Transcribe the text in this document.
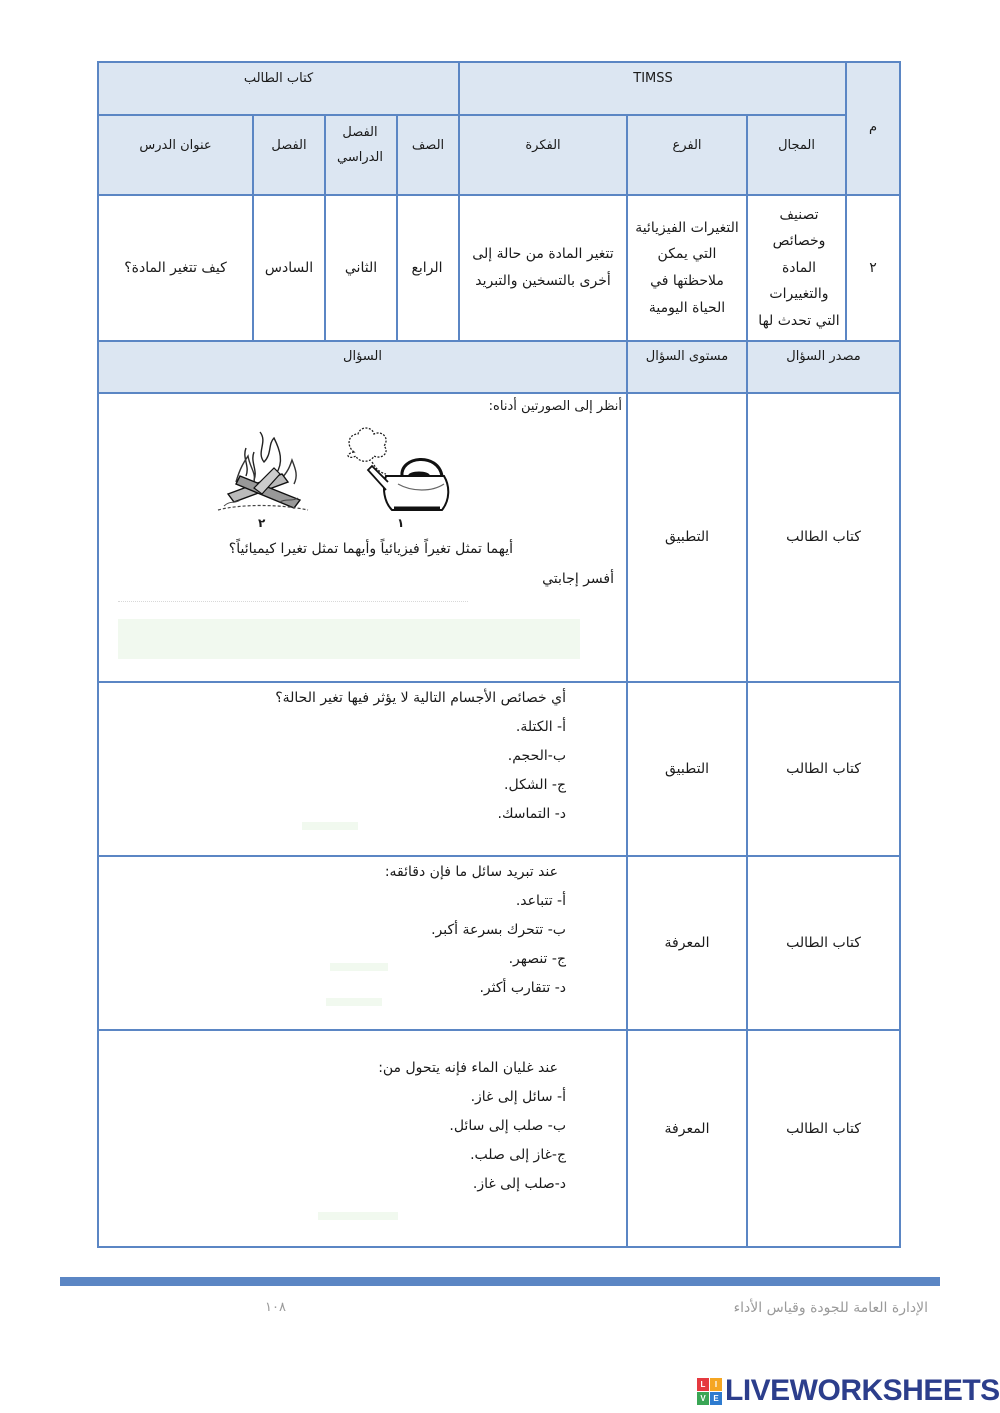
م
TIMSS
كتاب الطالب
المجال
الفرع
الفكرة
الصف
الفصل الدراسي
الفصل
عنوان الدرس
٢
تصنيف وخصائص المادة والتغييرات التي تحدث لها
التغيرات الفيزيائية التي يمكن ملاحظتها في الحياة اليومية
تتغير المادة من حالة إلى أخرى بالتسخين والتبريد
الرابع
الثاني
السادس
كيف تتغير المادة؟
مصدر السؤال
مستوى السؤال
السؤال
كتاب الطالب
التطبيق
أنظر إلى الصورتين أدناه:
١
٢
أيهما تمثل تغيراً فيزيائياً وأيهما تمثل تغيرا كيميائياً؟
أفسر إجابتي
كتاب الطالب
التطبيق
أي خصائص الأجسام التالية لا يؤثر فيها تغير الحالة؟
أ- الكتلة.
ب-الحجم.
ج- الشكل.
د- التماسك.
كتاب الطالب
المعرفة
عند تبريد سائل ما فإن دقائقه:
أ- تتباعد.
ب- تتحرك بسرعة أكبر.
ج- تنصهر.
د- تتقارب أكثر.
كتاب الطالب
المعرفة
عند غليان الماء فإنه يتحول من:
أ- سائل إلى غاز.
ب- صلب إلى سائل.
ج-غاز إلى صلب.
د-صلب إلى غاز.
الإدارة العامة للجودة وقياس الأداء
١٠٨
L	I
V E LIVEWORKSHEETS
